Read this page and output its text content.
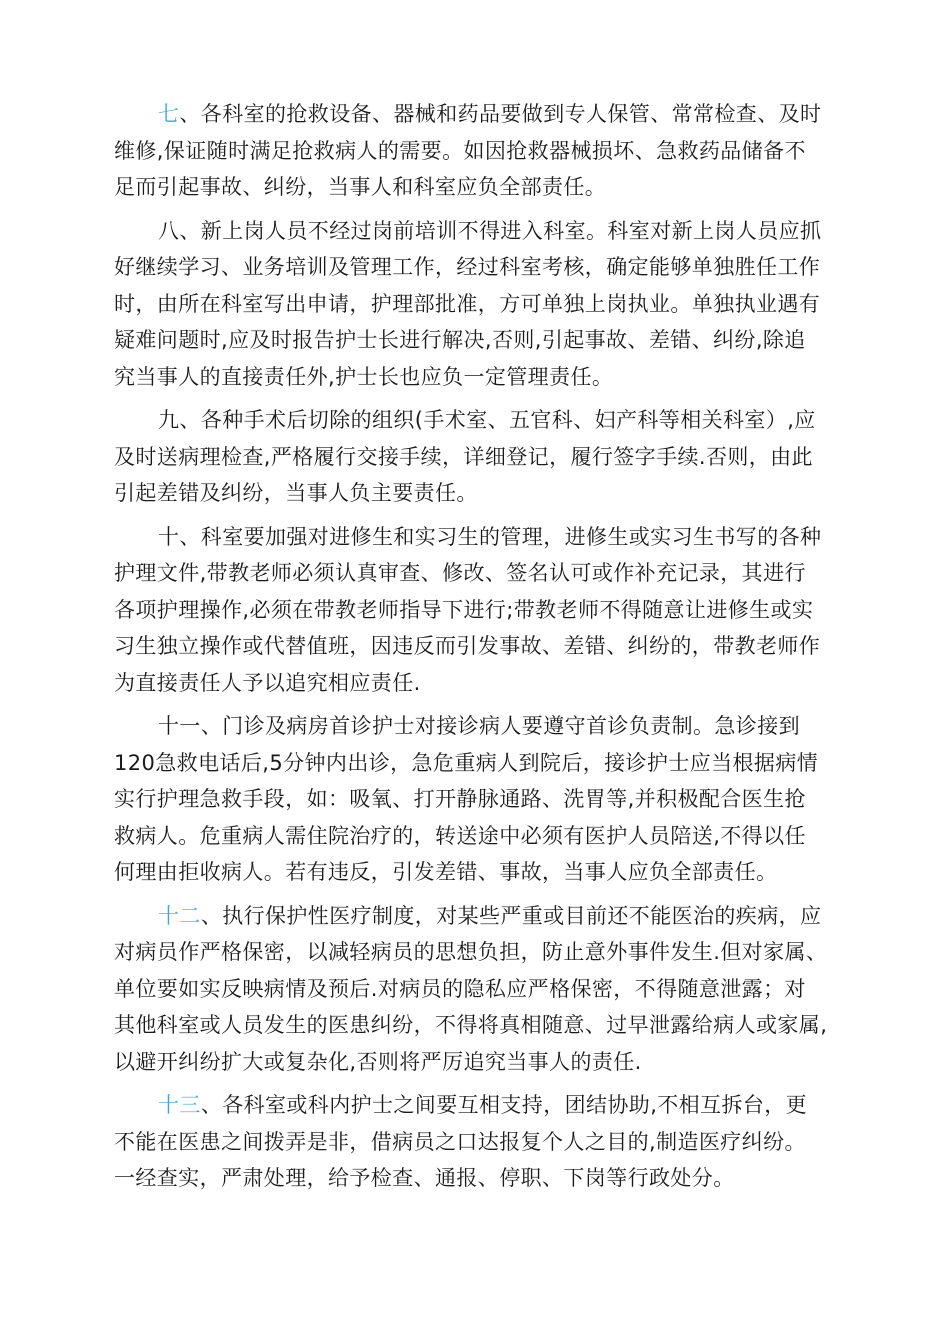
七、各科室的抢救设备、器械和药品要做到专人保管、常常检查、及时
维修,保证随时满足抢救病人的需要。如因抢救器械损坏、急救药品储备不
足而引起事故、纠纷，当事人和科室应负全部责任。
八、新上岗人员不经过岗前培训不得进入科室。科室对新上岗人员应抓
好继续学习、业务培训及管理工作，经过科室考核，确定能够单独胜任工作
时，由所在科室写出申请，护理部批准，方可单独上岗执业。单独执业遇有
疑难问题时,应及时报告护士长进行解决,否则,引起事故、差错、纠纷,除追
究当事人的直接责任外,护士长也应负一定管理责任。
九、各种手术后切除的组织(手术室、五官科、妇产科等相关科室）,应
及时送病理检查,严格履行交接手续，详细登记，履行签字手续.否则，由此
引起差错及纠纷，当事人负主要责任。
十、科室要加强对进修生和实习生的管理，进修生或实习生书写的各种
护理文件,带教老师必须认真审查、修改、签名认可或作补充记录，其进行
各项护理操作,必须在带教老师指导下进行;带教老师不得随意让进修生或实
习生独立操作或代替值班，因违反而引发事故、差错、纠纷的，带教老师作
为直接责任人予以追究相应责任.
十一、门诊及病房首诊护士对接诊病人要遵守首诊负责制。急诊接到
120急救电话后,5分钟内出诊，急危重病人到院后，接诊护士应当根据病情
实行护理急救手段，如：吸氧、打开静脉通路、洗胃等,并积极配合医生抢
救病人。危重病人需住院治疗的，转送途中必须有医护人员陪送,不得以任
何理由拒收病人。若有违反，引发差错、事故，当事人应负全部责任。
十二、执行保护性医疗制度，对某些严重或目前还不能医治的疾病，应
对病员作严格保密，以减轻病员的思想负担，防止意外事件发生.但对家属、
单位要如实反映病情及预后.对病员的隐私应严格保密，不得随意泄露；对
其他科室或人员发生的医患纠纷，不得将真相随意、过早泄露给病人或家属,
以避开纠纷扩大或复杂化,否则将严厉追究当事人的责任.
十三、各科室或科内护士之间要互相支持，团结协助,不相互拆台，更
不能在医患之间拨弄是非，借病员之口达报复个人之目的,制造医疗纠纷。
一经查实，严肃处理，给予检查、通报、停职、下岗等行政处分。
